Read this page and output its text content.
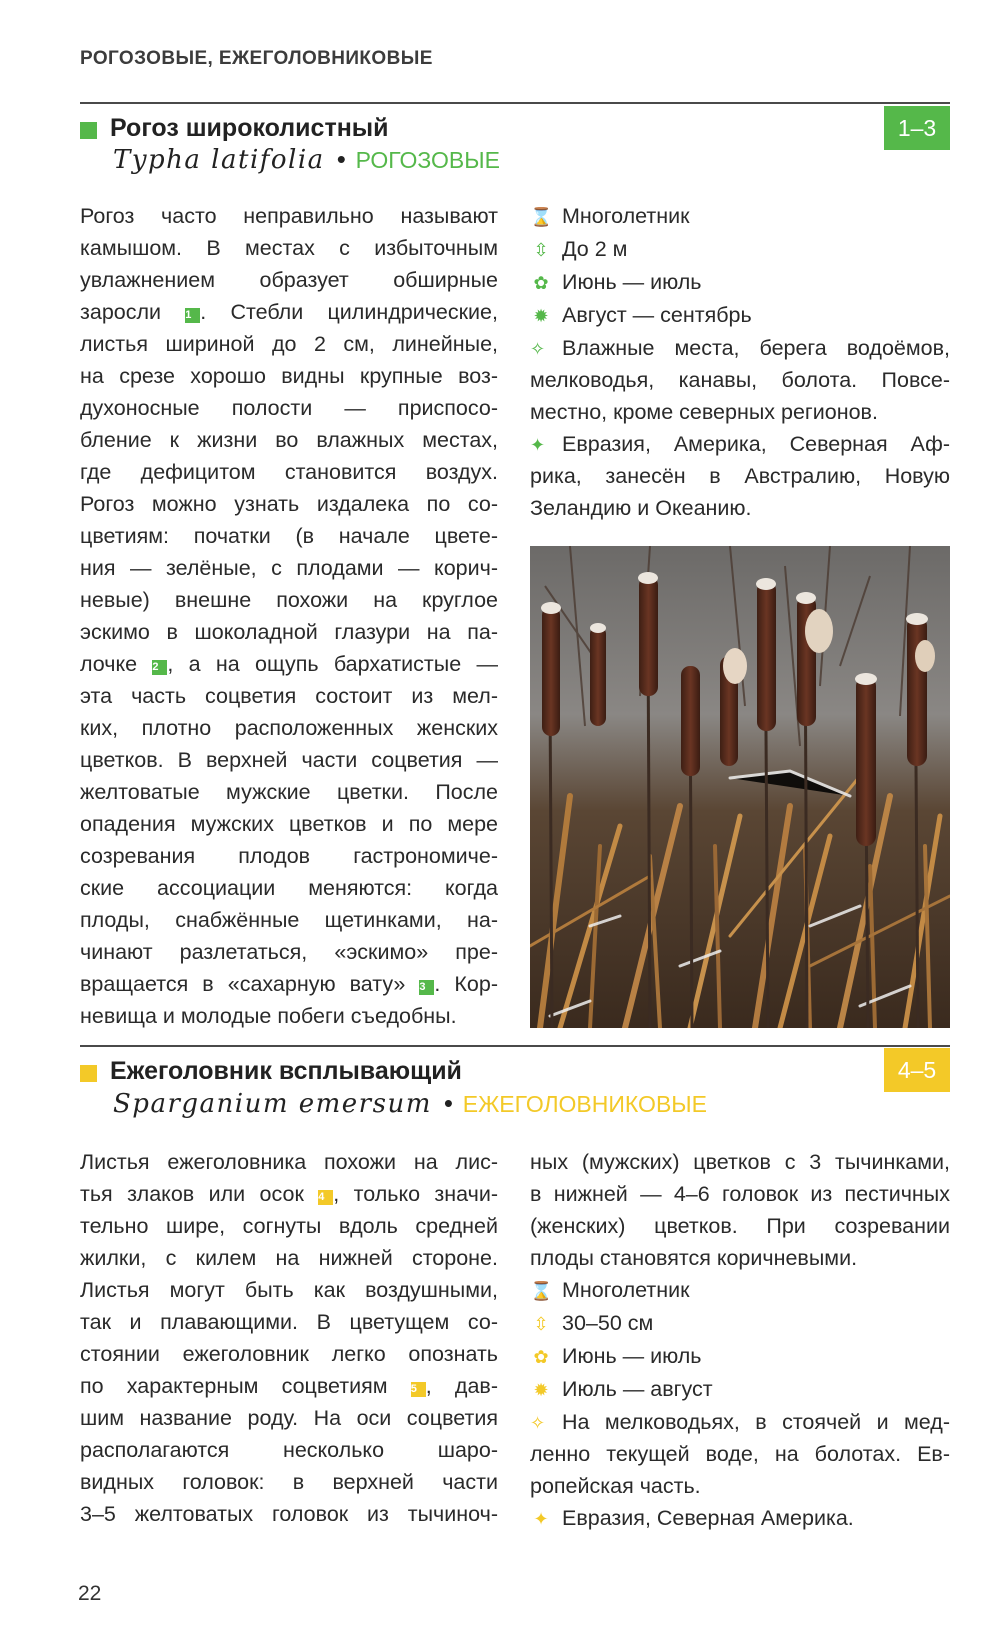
РОГОЗОВЫЕ, ЕЖЕГОЛОВНИКОВЫЕ
Рогоз широколистный
Typha latifolia • РОГОЗОВЫЕ
1–3
Рогоз часто неправильно называют
камышом. В местах с избыточным
увлажнением образует обширные
заросли 1 . Стебли цилиндрические,
листья шириной до 2 см, линейные,
на срезе хорошо видны крупные воз-
духоносные полости — приспосо-
бление к жизни во влажных местах,
где дефицитом становится воздух.
Рогоз можно узнать издалека по со-
цветиям: початки (в начале цвете-
ния — зелёные, с плодами — корич-
невые) внешне похожи на круглое
эскимо в шоколадной глазури на па-
лочке 2 , а на ощупь бархатистые —
эта часть соцветия состоит из мел-
ких, плотно расположенных женских
цветков. В верхней части соцветия —
желтоватые мужские цветки. После
опадения мужских цветков и по мере
созревания плодов гастрономиче-
ские ассоциации меняются: когда
плоды, снабжённые щетинками, на-
чинают разлетаться, «эскимо» пре-
вращается в «сахарную вату» 3 . Кор-
невища и молодые побеги съедобны.
⌛ Многолетник
⇳ До 2 м
✿ Июнь — июль
✹ Август — сентябрь
✧ Влажные места, берега водоёмов,
мелководья, канавы, болота. Повсе-
местно, кроме северных регионов.
✦ Евразия, Америка, Северная Аф-
рика, занесён в Австралию, Новую
Зеландию и Океанию.
Ежеголовник всплывающий
Sparganium emersum • ЕЖЕГОЛОВНИКОВЫЕ
4–5
Листья ежеголовника похожи на лис-
тья злаков или осок 4 , только значи-
тельно шире, согнуты вдоль средней
жилки, с килем на нижней стороне.
Листья могут быть как воздушными,
так и плавающими. В цветущем со-
стоянии ежеголовник легко опознать
по характерным соцветиям 5 , дав-
шим название роду. На оси соцветия
располагаются несколько шаро-
видных головок: в верхней части
3–5 желтоватых головок из тычиноч-
ных (мужских) цветков с 3 тычинками,
в нижней — 4–6 головок из пестичных
(женских) цветков. При созревании
плоды становятся коричневыми.
⌛ Многолетник
⇳ 30–50 см
✿ Июнь — июль
✹ Июль — август
✧ На мелководьях, в стоячей и мед-
ленно текущей воде, на болотах. Ев-
ропейская часть.
✦ Евразия, Северная Америка.
22
